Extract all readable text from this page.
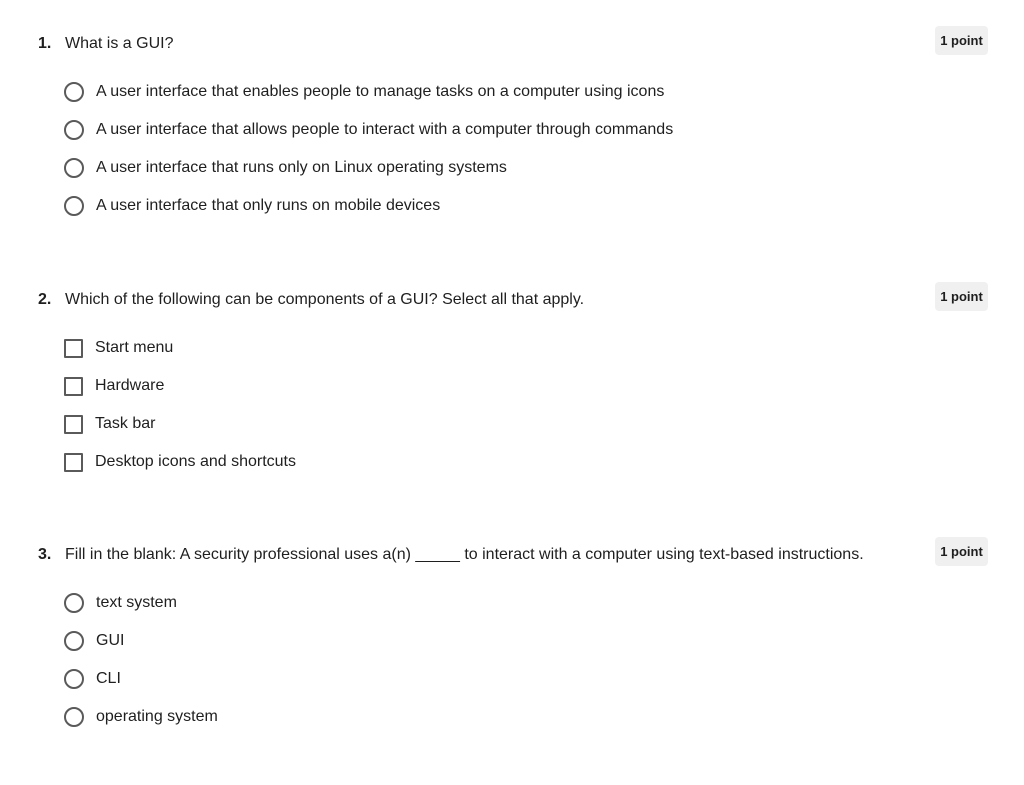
1. What is a GUI?	1 point
A user interface that enables people to manage tasks on a computer using icons
A user interface that allows people to interact with a computer through commands
A user interface that runs only on Linux operating systems
A user interface that only runs on mobile devices
2. Which of the following can be components of a GUI? Select all that apply.	1 point
Start menu
Hardware
Task bar
Desktop icons and shortcuts
3. Fill in the blank: A security professional uses a(n) _____ to interact with a computer using text-based instructions.	1 point
text system
GUI
CLI
operating system
